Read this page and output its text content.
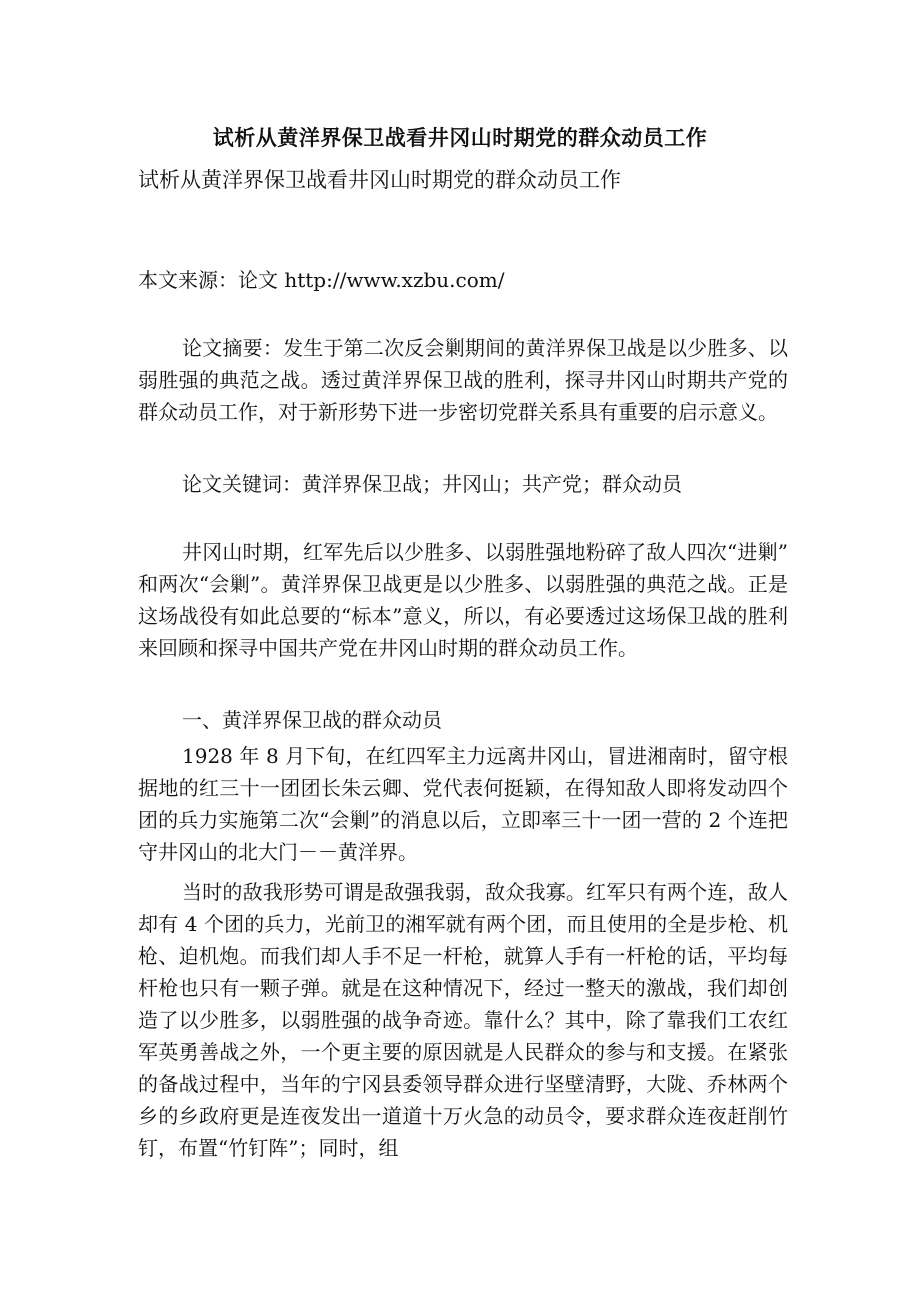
试析从黄洋界保卫战看井冈山时期党的群众动员工作
试析从黄洋界保卫战看井冈山时期党的群众动员工作
本文来源：论文 http://www.xzbu.com/
论文摘要：发生于第二次反会剿期间的黄洋界保卫战是以少胜多、以弱胜强的典范之战。透过黄洋界保卫战的胜利，探寻井冈山时期共产党的群众动员工作，对于新形势下进一步密切党群关系具有重要的启示意义。
论文关键词：黄洋界保卫战；井冈山；共产党；群众动员
井冈山时期，红军先后以少胜多、以弱胜强地粉碎了敌人四次“进剿” 和两次“会剿”。黄洋界保卫战更是以少胜多、以弱胜强的典范之战。正是这场战役有如此总要的“标本”意义，所以，有必要透过这场保卫战的胜利来回顾和探寻中国共产党在井冈山时期的群众动员工作。
一、黄洋界保卫战的群众动员
1928 年 8 月下旬，在红四军主力远离井冈山，冒进湘南时，留守根据地的红三十一团团长朱云卿、党代表何挺颖，在得知敌人即将发动四个团的兵力实施第二次“会剿”的消息以后，立即率三十一团一营的 2 个连把守井冈山的北大门－－黄洋界。
当时的敌我形势可谓是敌强我弱，敌众我寡。红军只有两个连，敌人却有 4 个团的兵力，光前卫的湘军就有两个团，而且使用的全是步枪、机枪、迫机炮。而我们却人手不足一杆枪，就算人手有一杆枪的话，平均每杆枪也只有一颗子弹。就是在这种情况下，经过一整天的激战，我们却创造了以少胜多，以弱胜强的战争奇迹。靠什么？其中，除了靠我们工农红军英勇善战之外，一个更主要的原因就是人民群众的参与和支援。在紧张的备战过程中，当年的宁冈县委领导群众进行坚壁清野，大陇、乔林两个乡的乡政府更是连夜发出一道道十万火急的动员令，要求群众连夜赶削竹钉，布置“竹钉阵”；同时，组
